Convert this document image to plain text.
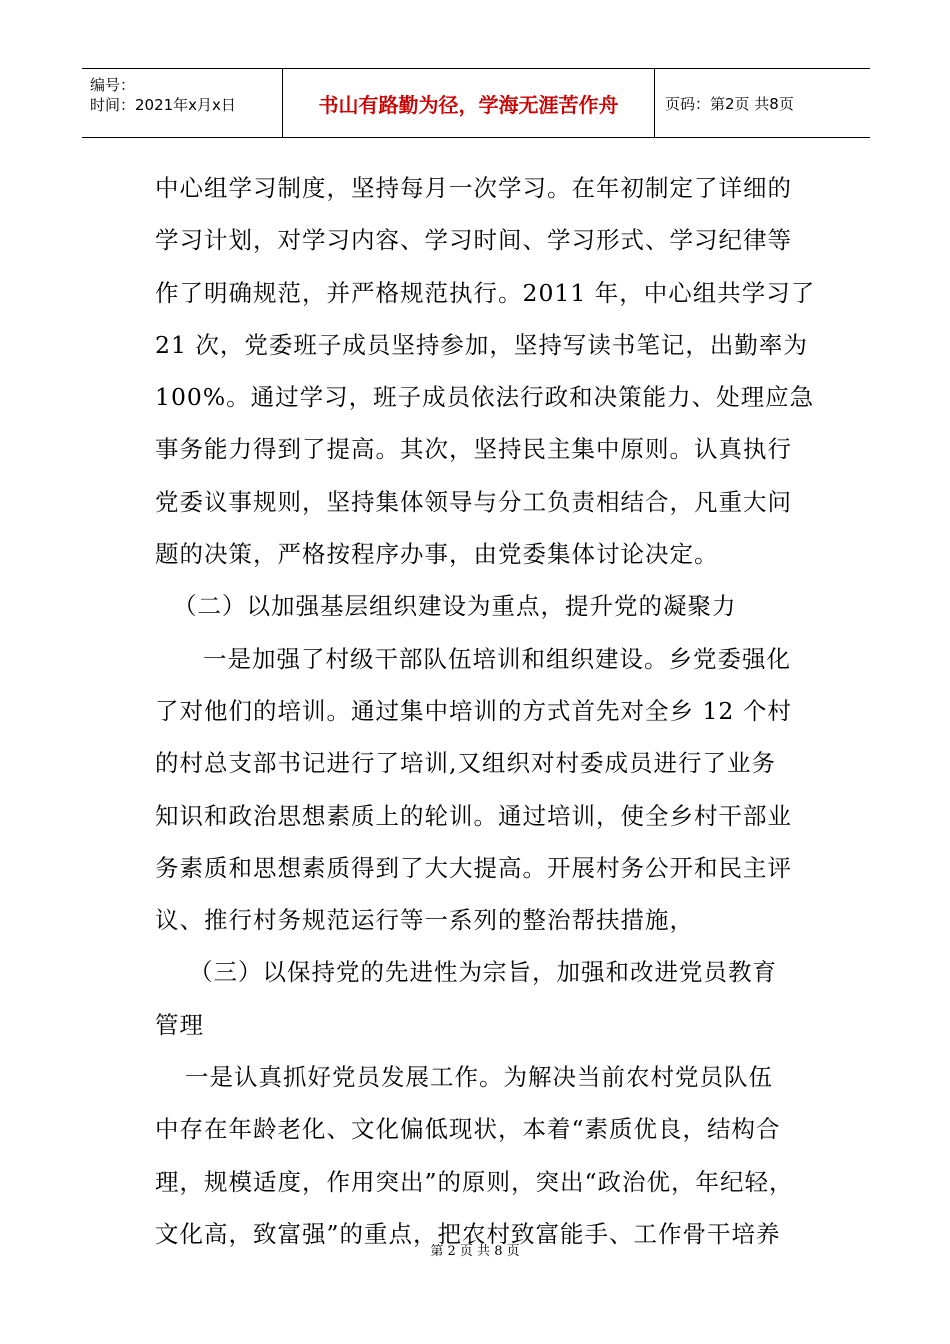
编号：
时间：2021年x月x日	书山有路勤为径，学海无涯苦作舟	页码：第2页 共8页
中心组学习制度，坚持每月一次学习。在年初制定了详细的
学习计划，对学习内容、学习时间、学习形式、学习纪律等
作了明确规范，并严格规范执行。2011 年，中心组共学习了
21 次，党委班子成员坚持参加，坚持写读书笔记，出勤率为
100%。通过学习，班子成员依法行政和决策能力、处理应急
事务能力得到了提高。其次，坚持民主集中原则。认真执行
党委议事规则，坚持集体领导与分工负责相结合，凡重大问
题的决策，严格按程序办事，由党委集体讨论决定。
（二）以加强基层组织建设为重点，提升党的凝聚力
一是加强了村级干部队伍培训和组织建设。乡党委强化
了对他们的培训。通过集中培训的方式首先对全乡 12 个村
的村总支部书记进行了培训,又组织对村委成员进行了业务
知识和政治思想素质上的轮训。通过培训，使全乡村干部业
务素质和思想素质得到了大大提高。开展村务公开和民主评
议、推行村务规范运行等一系列的整治帮扶措施，
（三）以保持党的先进性为宗旨，加强和改进党员教育
管理
一是认真抓好党员发展工作。为解决当前农村党员队伍
中存在年龄老化、文化偏低现状，本着“素质优良，结构合
理，规模适度，作用突出”的原则，突出“政治优，年纪轻，
文化高，致富强”的重点，把农村致富能手、工作骨干培养
第 2 页 共 8 页
